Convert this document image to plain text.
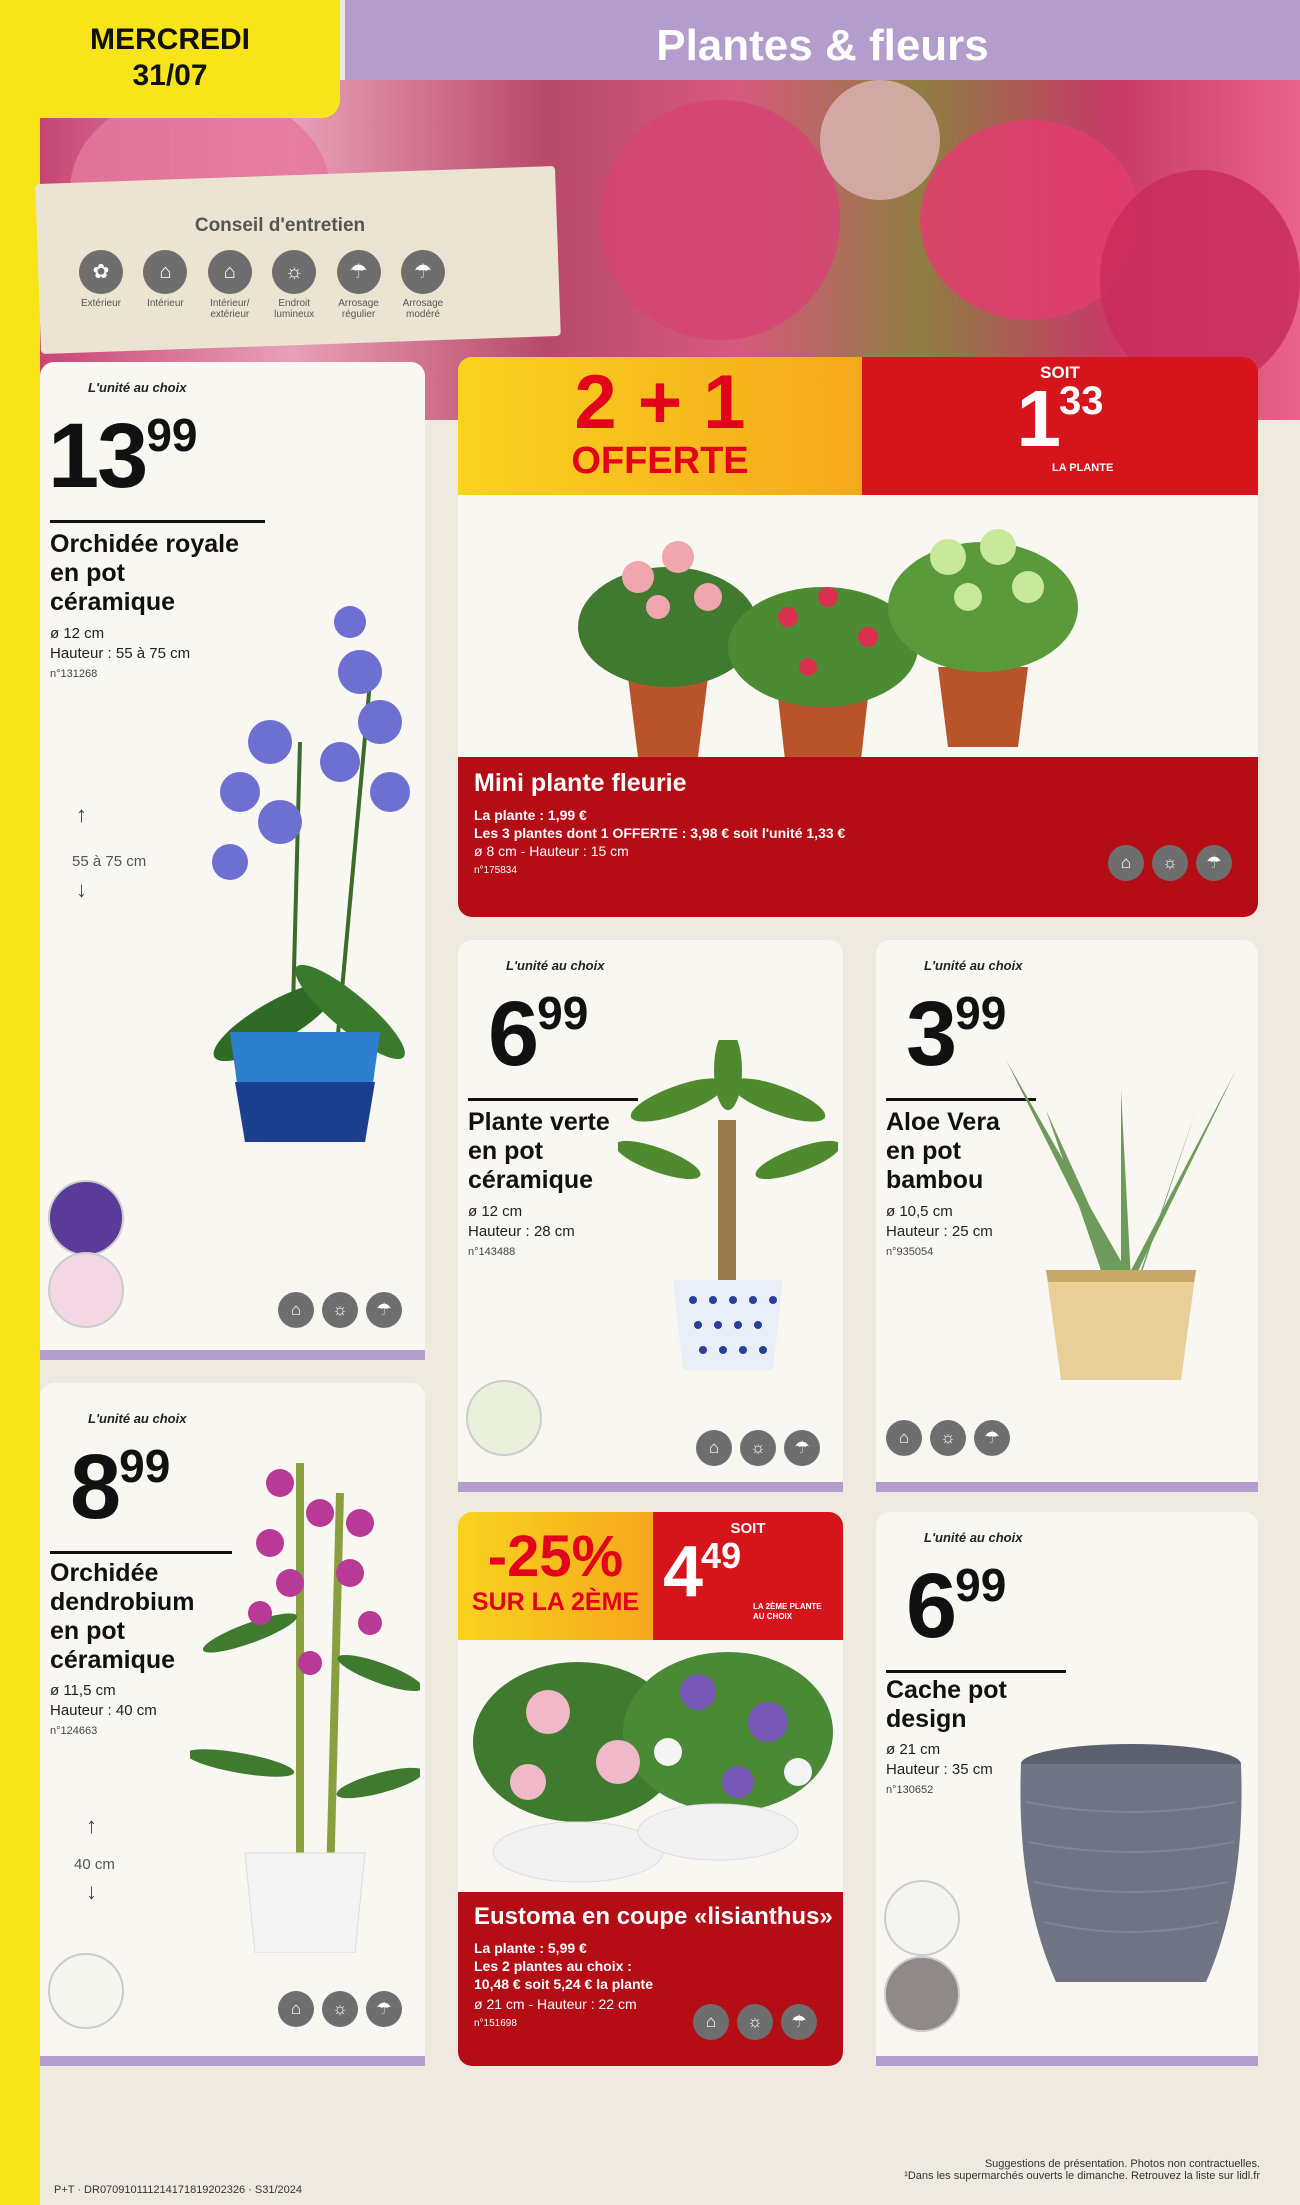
MERCREDI
31/07
Plantes & fleurs
Conseil d'entretien
✿
Extérieur
⌂
Intérieur
⌂
Intérieur/ extérieur
☼
Endroit lumineux
☂
Arrosage régulier
☂
Arrosage modéré
L'unité au choix
$13^{99}$
Orchidée royale en pot céramique
ø 12 cm
Hauteur : 55 à 75 cm
n°131268
↑
55 à 75 cm
↓
⌂ ☼ ☂
2 + 1
OFFERTE
SOIT
$1^{33}$
LA PLANTE
Mini plante fleurie
La plante : 1,99 €
Les 3 plantes dont 1 OFFERTE : 3,98 € soit l'unité 1,33 €
ø 8 cm - Hauteur : 15 cm
n°175834	⌂ ☼ ☂
L'unité au choix
$6^{99}$
Plante verte en pot céramique
ø 12 cm
Hauteur : 28 cm
n°143488
⌂ ☼ ☂
L'unité au choix
$3^{99}$
Aloe Vera en pot bambou
ø 10,5 cm
Hauteur : 25 cm
n°935054
⌂ ☼ ☂
L'unité au choix
$8^{99}$
Orchidée dendrobium en pot céramique
ø 11,5 cm
Hauteur : 40 cm
n°124663
↑
40 cm
↓
⌂ ☼ ☂
-25%
SUR LA 2ÈME
SOIT
$4^{49}$
LA 2ÈME PLANTE
AU CHOIX
Eustoma en coupe «lisianthus»
La plante : 5,99 €
Les 2 plantes au choix :
10,48 € soit 5,24 € la plante
ø 21 cm - Hauteur : 22 cm
n°151698	⌂ ☼ ☂
L'unité au choix
$6^{99}$
Cache pot design
ø 21 cm
Hauteur : 35 cm
n°130652
P+T · DR07091011121417181920232​6 · S31/2024
Suggestions de présentation. Photos non contractuelles.
¹Dans les supermarchés ouverts le dimanche. Retrouvez la liste sur lidl.fr
